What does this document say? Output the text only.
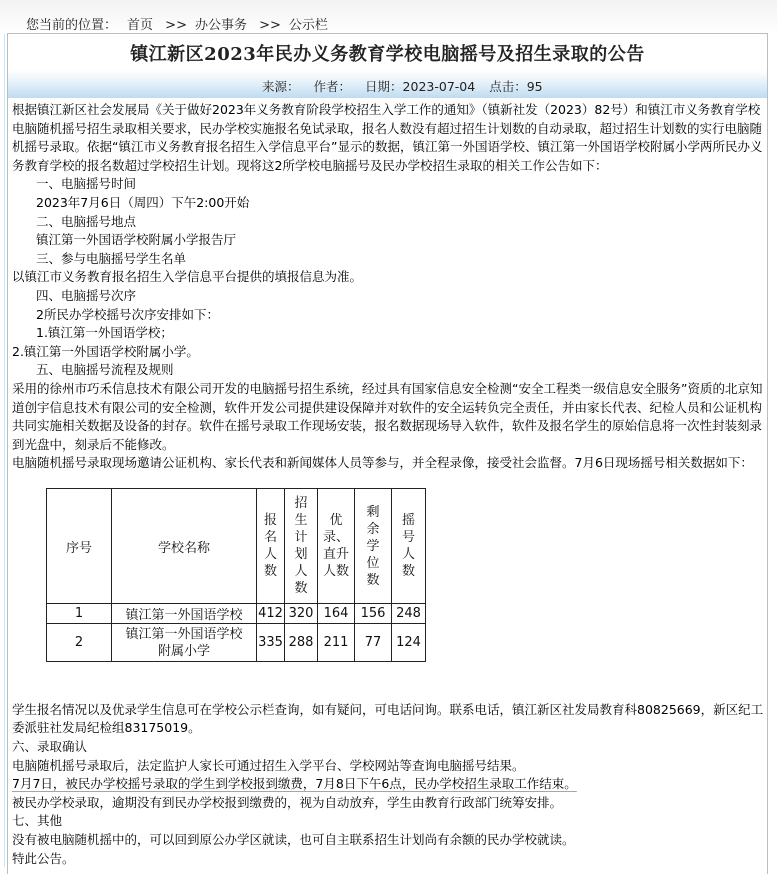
您当前的位置： 首页 >> 办公事务 >> 公示栏
镇江新区2023年民办义务教育学校电脑摇号及招生录取的公告
来源： 作者： 日期：2023-07-04 点击：95

根据镇江新区社会发展局《关于做好2023年义务教育阶段学校招生入学工作的通知》（镇新社发（2023）82号）和镇江市义务教育学校电脑随机摇号招生录取相关要求，民办学校实施报名免试录取，报名人数没有超过招生计划数的自动录取，超过招生计划数的实行电脑随机摇号录取。依据“镇江市义务教育报名招生入学信息平台”显示的数据，镇江第一外国语学校、镇江第一外国语学校附属小学两所民办义务教育学校的报名数超过学校招生计划。现将这2所学校电脑摇号及民办学校招生录取的相关工作公告如下：

一、电脑摇号时间

2023年7月6日（周四）下午2:00开始

二、电脑摇号地点

镇江第一外国语学校附属小学报告厅

三、参与电脑摇号学生名单

以镇江市义务教育报名招生入学信息平台提供的填报信息为准。

四、电脑摇号次序

2所民办学校摇号次序安排如下：

1.镇江第一外国语学校；

2.镇江第一外国语学校附属小学。

五、电脑摇号流程及规则

采用的徐州市巧禾信息技术有限公司开发的电脑摇号招生系统，经过具有国家信息安全检测“安全工程类一级信息安全服务”资质的北京知道创宇信息技术有限公司的安全检测，软件开发公司提供建设保障并对软件的安全运转负完全责任，并由家长代表、纪检人员和公证机构共同实施相关数据及设备的封存。软件在摇号录取工作现场安装，报名数据现场导入软件，软件及报名学生的原始信息将一次性封装刻录到光盘中，刻录后不能修改。

电脑随机摇号录取现场邀请公证机构、家长代表和新闻媒体人员等参与，并全程录像，接受社会监督。7月6日现场摇号相关数据如下：

学生报名情况以及优录学生信息可在学校公示栏查询，如有疑问，可电话问询。联系电话，镇江新区社发局教育科80825669，新区纪工委派驻社发局纪检组83175019。

六、录取确认

电脑随机摇号录取后，法定监护人家长可通过招生入学平台、学校网站等查询电脑摇号结果。

7月7日，被民办学校摇号录取的学生到学校报到缴费，7月8日下午6点，民办学校招生录取工作结束。

被民办学校录取，逾期没有到民办学校报到缴费的，视为自动放弃，学生由教育行政部门统筹安排。

七、其他

没有被电脑随机摇中的，可以回到原公办学区就读，也可自主联系招生计划尚有余额的民办学校就读。

特此公告。

序号	学校名称	报名人数	招生计划人数	优录、直升人数	剩余学位数	摇号人数

1	镇江第一外国语学校	412	320	164	156	248
2	镇江第一外国语学校
附属小学	335	288	211	77	124
